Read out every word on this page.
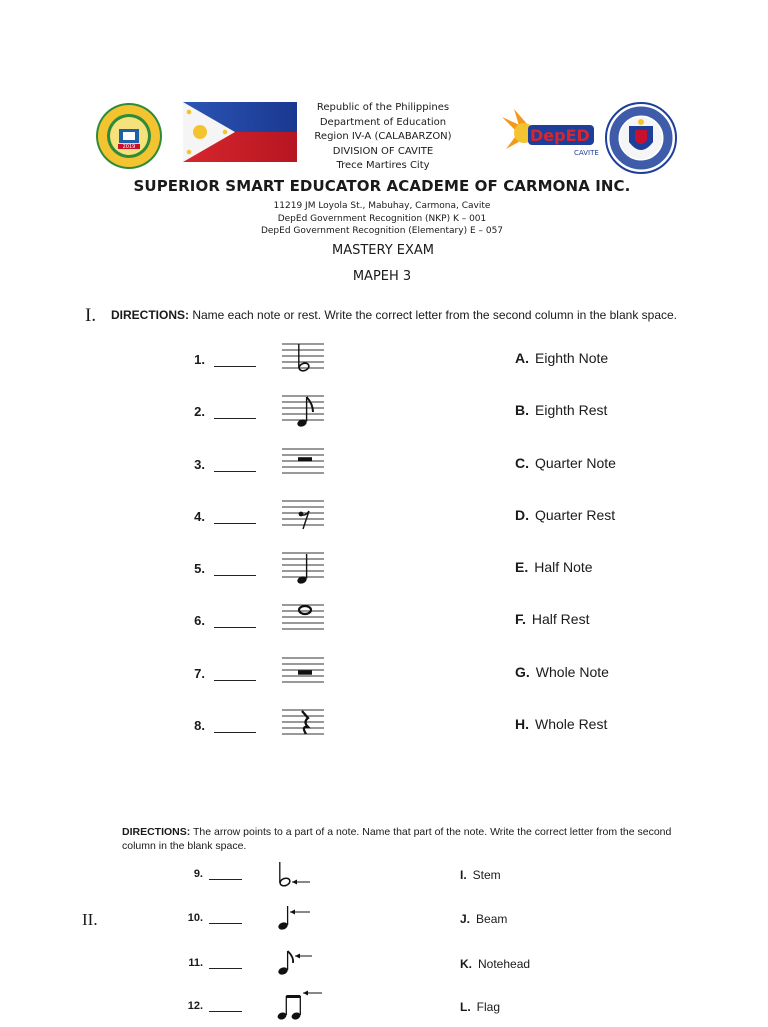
2019
DepED
CAVITE
Republic of the Philippines
Department of Education
Region IV-A (CALABARZON)
DIVISION OF CAVITE
Trece Martires City
SUPERIOR SMART EDUCATOR ACADEME OF CARMONA INC.
11219 JM Loyola St., Mabuhay, Carmona, Cavite
DepEd Government Recognition (NKP) K – 001
DepEd Government Recognition (Elementary) E – 057
MASTERY EXAM
MAPEH 3
I. DIRECTIONS: Name each note or rest. Write the correct letter from the second column in the blank space.
1.	A. Eighth Note
2.	B. Eighth Rest
3.	C. Quarter Note
4.	D. Quarter Rest
5.	E. Half Note
6.	F. Half Rest
7.	G. Whole Note
8.	H. Whole Rest
DIRECTIONS: The arrow points to a part of a note. Name that part of the note. Write the correct letter from the second
column in the blank space.
II.
9.	I. Stem
10.	J. Beam
11.	K. Notehead
12.	L. Flag
